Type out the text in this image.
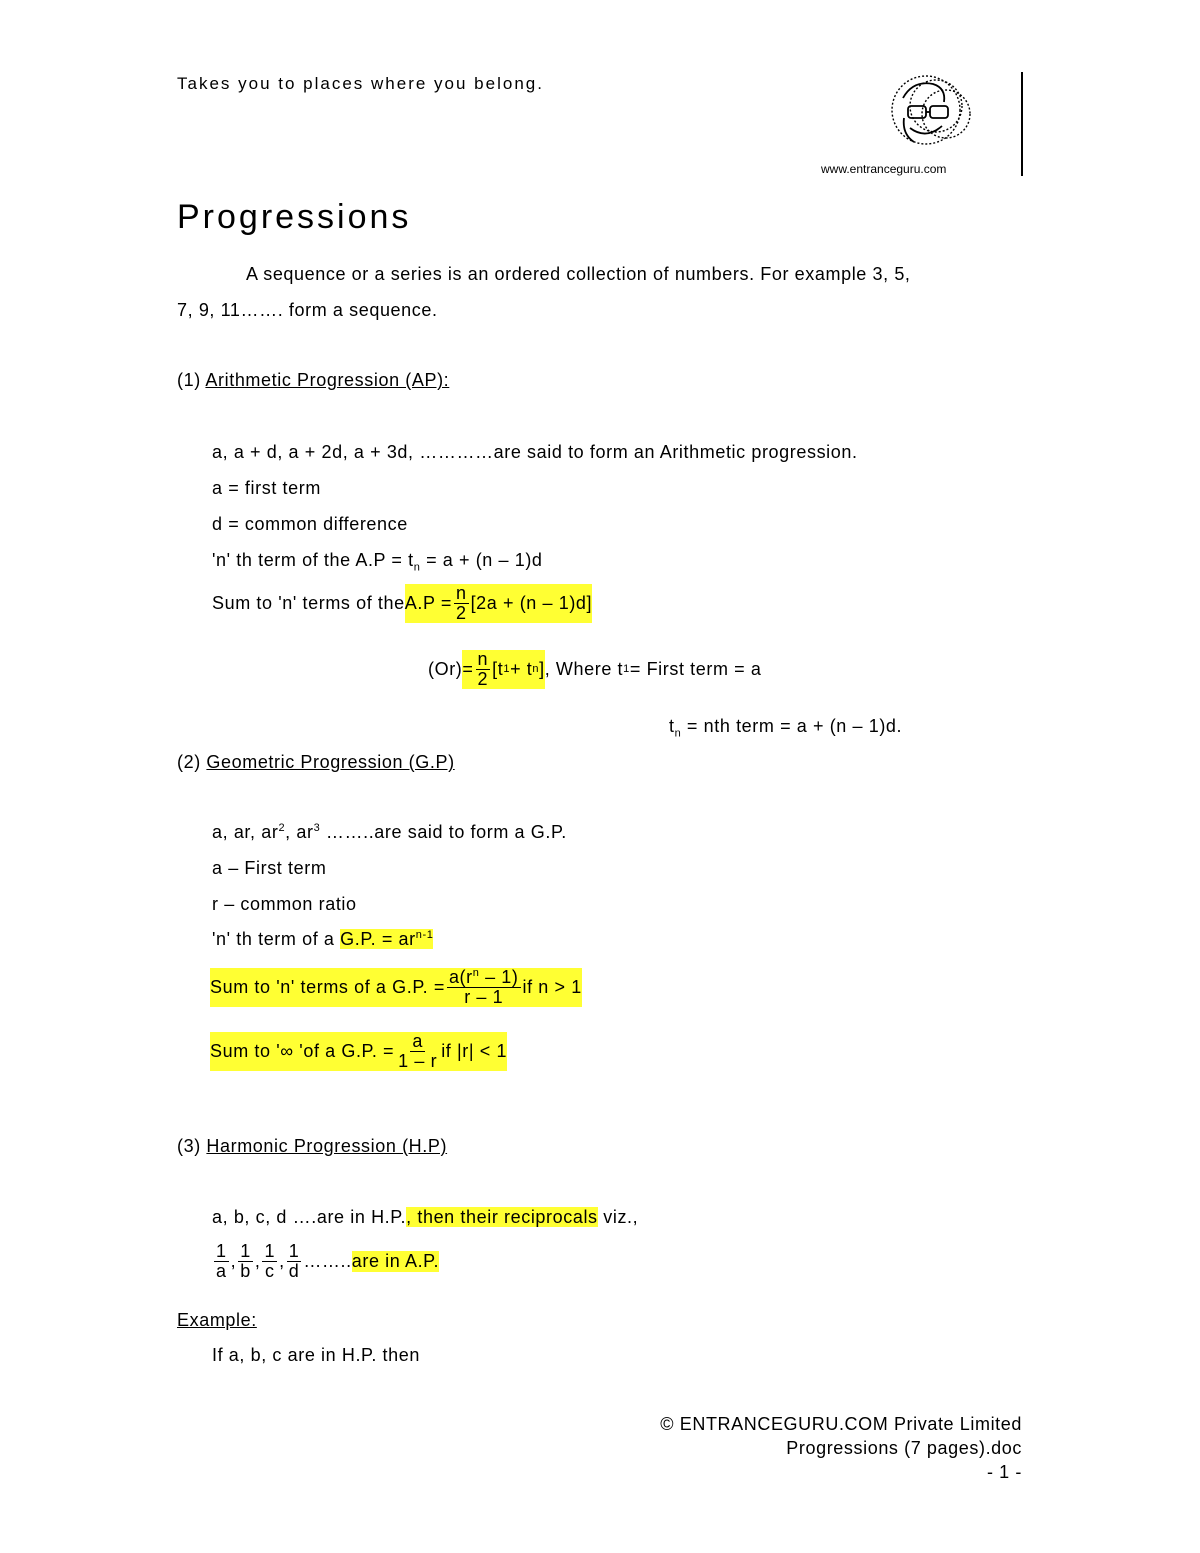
Takes you to places where you belong.
www.entranceguru.com
Progressions
A sequence or a series is an ordered collection of numbers. For example 3, 5,
7, 9, 11……. form a sequence.
(1) Arithmetic Progression (AP):
a, a + d, a + 2d, a + 3d, …………are said to form an Arithmetic progression.
a = first term
d = common difference
'n' th term of the $A.P = t_n = a + (n - 1)d$
Sum to 'n' terms of the $A.P = \frac{n}{2} [2a + (n - 1)d]$
$(Or) = \frac{n}{2} [t$ 1 + t n ] , Where t 1 = First term = a
$t_n$ = nth term = a + (n – 1)d.
(2) Geometric Progression (G.P)
a, ar, $ar^2$, $ar^3$ ……..are said to form a G.P.
a – First term
r – common ratio
'n' th term of a G.P. = $ar^{n-1}$
Sum to 'n' terms of a G.P. = $\frac{a(r^n - 1)}{r - 1}$ if n > 1
Sum to '∞ 'of a G.P. = $\frac{a}{1 - r}$ if |r| < 1
(3) Harmonic Progression (H.P)
a, b, c, d ….are in H.P., then their reciprocals viz.,
$\frac{1}{a}$ , $\frac{1}{b}$ , $\frac{1}{c}$ , $\frac{1}{d}$ …….. are in A.P.
Example:
If a, b, c are in H.P. then
© ENTRANCEGURU.COM Private Limited
Progressions (7 pages).doc
- 1 -
